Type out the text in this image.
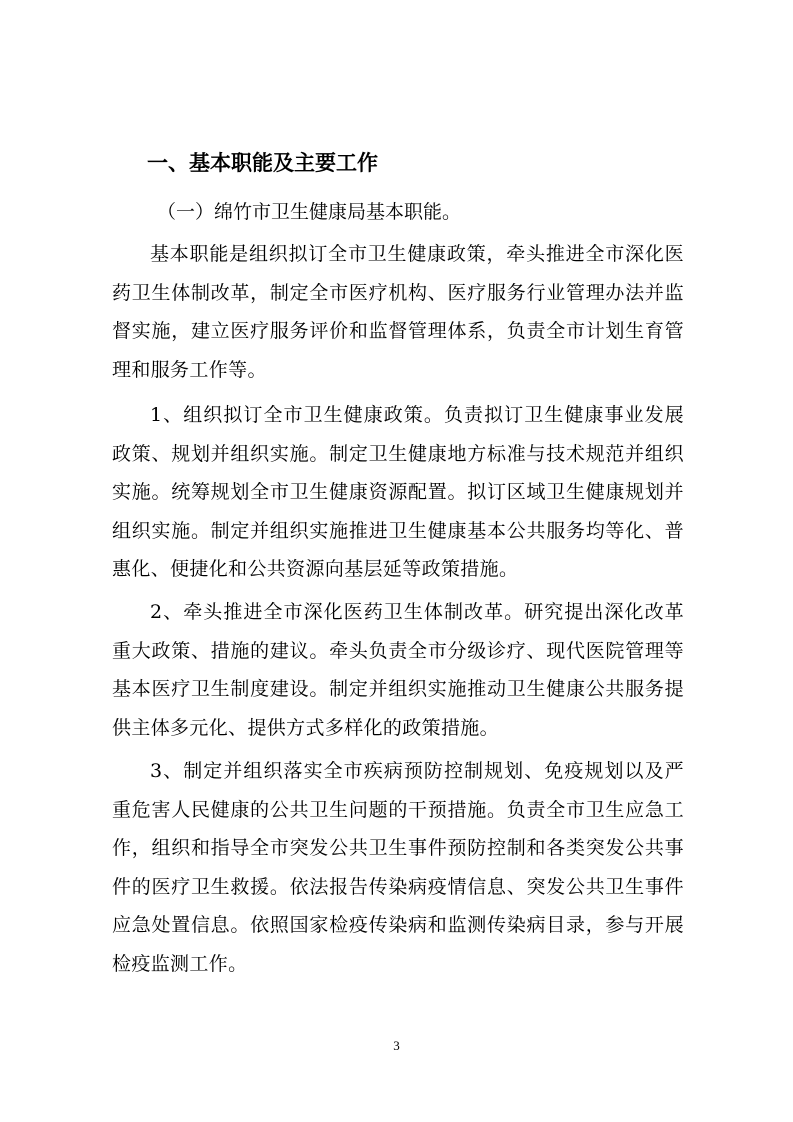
一、基本职能及主要工作
（一）绵竹市卫生健康局基本职能。

基本职能是组织拟订全市卫生健康政策，牵头推进全市深化医药卫生体制改革，制定全市医疗机构、医疗服务行业管理办法并监督实施，建立医疗服务评价和监督管理体系，负责全市计划生育管理和服务工作等。

1、组织拟订全市卫生健康政策。负责拟订卫生健康事业发展政策、规划并组织实施。制定卫生健康地方标准与技术规范并组织实施。统筹规划全市卫生健康资源配置。拟订区域卫生健康规划并组织实施。制定并组织实施推进卫生健康基本公共服务均等化、普惠化、便捷化和公共资源向基层延等政策措施。

2、牵头推进全市深化医药卫生体制改革。研究提出深化改革重大政策、措施的建议。牵头负责全市分级诊疗、现代医院管理等基本医疗卫生制度建设。制定并组织实施推动卫生健康公共服务提供主体多元化、提供方式多样化的政策措施。

3、制定并组织落实全市疾病预防控制规划、免疫规划以及严重危害人民健康的公共卫生问题的干预措施。负责全市卫生应急工作，组织和指导全市突发公共卫生事件预防控制和各类突发公共事件的医疗卫生救援。依法报告传染病疫情信息、突发公共卫生事件应急处置信息。依照国家检疫传染病和监测传染病目录，参与开展检疫监测工作。

3
